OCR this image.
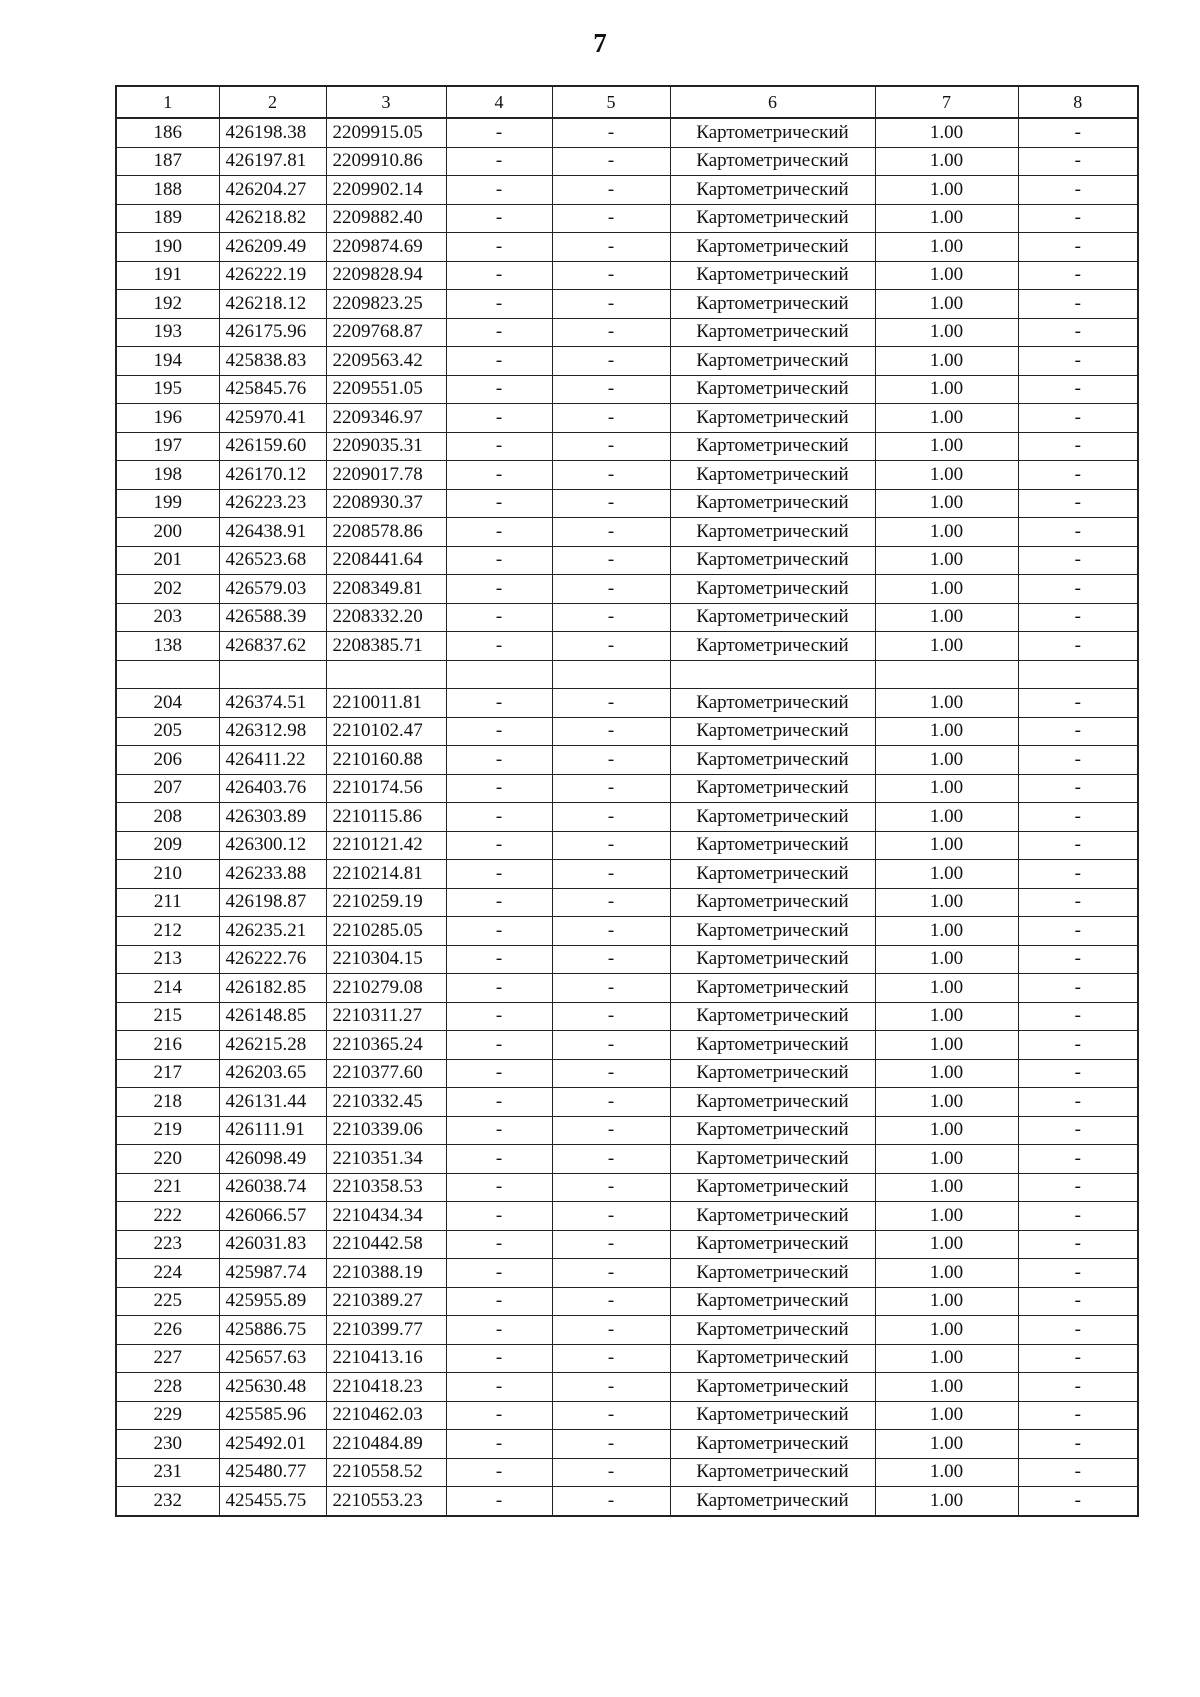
7
1	2	3	4	5	6	7	8
186	426198.38	2209915.05	-	-	Картометрический	1.00	-
187	426197.81	2209910.86	-	-	Картометрический	1.00	-
188	426204.27	2209902.14	-	-	Картометрический	1.00	-
189	426218.82	2209882.40	-	-	Картометрический	1.00	-
190	426209.49	2209874.69	-	-	Картометрический	1.00	-
191	426222.19	2209828.94	-	-	Картометрический	1.00	-
192	426218.12	2209823.25	-	-	Картометрический	1.00	-
193	426175.96	2209768.87	-	-	Картометрический	1.00	-
194	425838.83	2209563.42	-	-	Картометрический	1.00	-
195	425845.76	2209551.05	-	-	Картометрический	1.00	-
196	425970.41	2209346.97	-	-	Картометрический	1.00	-
197	426159.60	2209035.31	-	-	Картометрический	1.00	-
198	426170.12	2209017.78	-	-	Картометрический	1.00	-
199	426223.23	2208930.37	-	-	Картометрический	1.00	-
200	426438.91	2208578.86	-	-	Картометрический	1.00	-
201	426523.68	2208441.64	-	-	Картометрический	1.00	-
202	426579.03	2208349.81	-	-	Картометрический	1.00	-
203	426588.39	2208332.20	-	-	Картометрический	1.00	-
138	426837.62	2208385.71	-	-	Картометрический	1.00	-

204	426374.51	2210011.81	-	-	Картометрический	1.00	-
205	426312.98	2210102.47	-	-	Картометрический	1.00	-
206	426411.22	2210160.88	-	-	Картометрический	1.00	-
207	426403.76	2210174.56	-	-	Картометрический	1.00	-
208	426303.89	2210115.86	-	-	Картометрический	1.00	-
209	426300.12	2210121.42	-	-	Картометрический	1.00	-
210	426233.88	2210214.81	-	-	Картометрический	1.00	-
211	426198.87	2210259.19	-	-	Картометрический	1.00	-
212	426235.21	2210285.05	-	-	Картометрический	1.00	-
213	426222.76	2210304.15	-	-	Картометрический	1.00	-
214	426182.85	2210279.08	-	-	Картометрический	1.00	-
215	426148.85	2210311.27	-	-	Картометрический	1.00	-
216	426215.28	2210365.24	-	-	Картометрический	1.00	-
217	426203.65	2210377.60	-	-	Картометрический	1.00	-
218	426131.44	2210332.45	-	-	Картометрический	1.00	-
219	426111.91	2210339.06	-	-	Картометрический	1.00	-
220	426098.49	2210351.34	-	-	Картометрический	1.00	-
221	426038.74	2210358.53	-	-	Картометрический	1.00	-
222	426066.57	2210434.34	-	-	Картометрический	1.00	-
223	426031.83	2210442.58	-	-	Картометрический	1.00	-
224	425987.74	2210388.19	-	-	Картометрический	1.00	-
225	425955.89	2210389.27	-	-	Картометрический	1.00	-
226	425886.75	2210399.77	-	-	Картометрический	1.00	-
227	425657.63	2210413.16	-	-	Картометрический	1.00	-
228	425630.48	2210418.23	-	-	Картометрический	1.00	-
229	425585.96	2210462.03	-	-	Картометрический	1.00	-
230	425492.01	2210484.89	-	-	Картометрический	1.00	-
231	425480.77	2210558.52	-	-	Картометрический	1.00	-
232	425455.75	2210553.23	-	-	Картометрический	1.00	-
